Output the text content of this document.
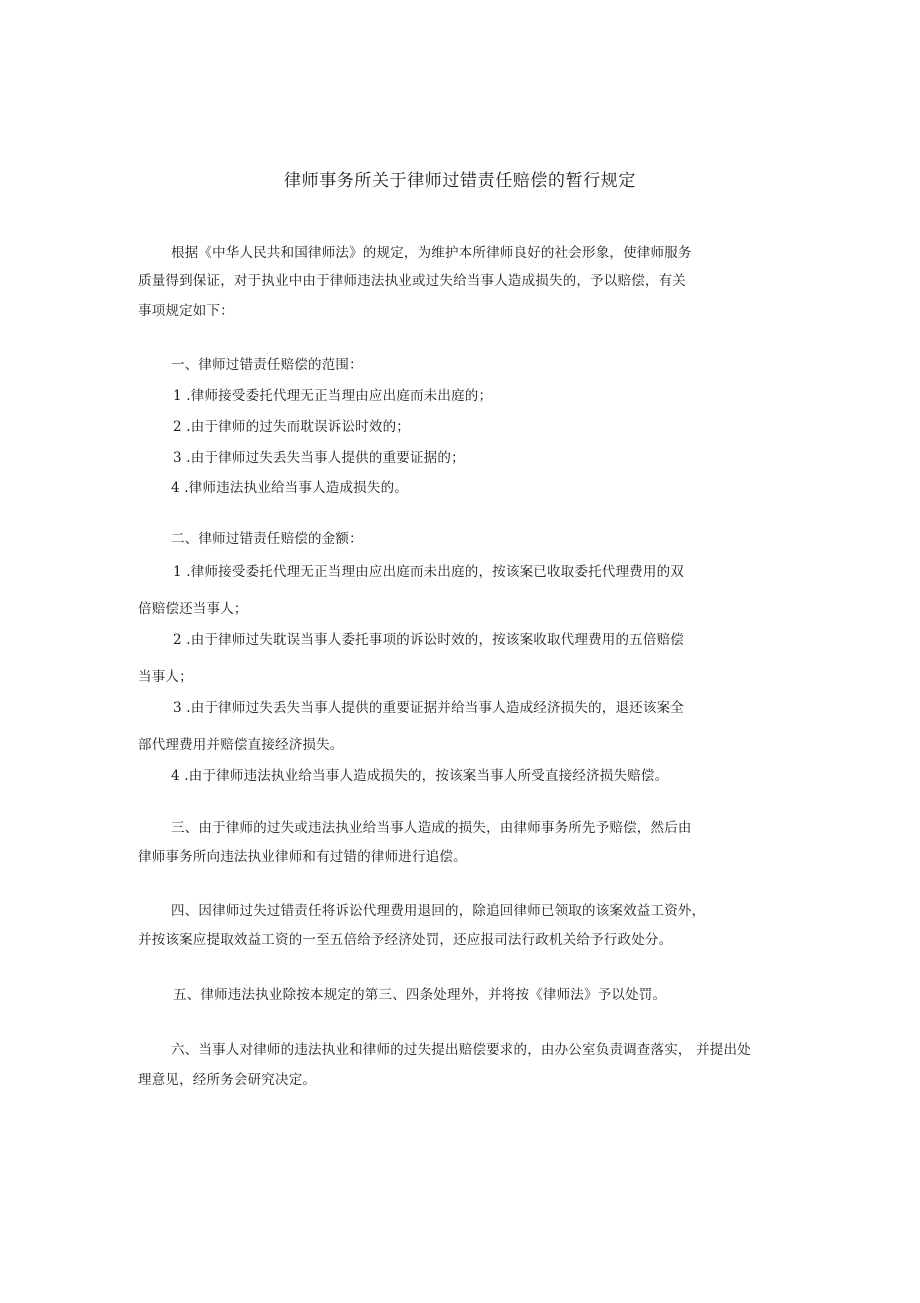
律师事务所关于律师过错责任赔偿的暂行规定
根据《中华人民共和国律师法》的规定，为维护本所律师良好的社会形象，使律师服务
质量得到保证，对于执业中由于律师违法执业或过失给当事人造成损失的，予以赔偿，有关
事项规定如下：
一、律师过错责任赔偿的范围：
1 .律师接受委托代理无正当理由应出庭而未出庭的；
2 .由于律师的过失而耽误诉讼时效的；
3 .由于律师过失丢失当事人提供的重要证据的；
4 .律师违法执业给当事人造成损失的。
二、律师过错责任赔偿的金额：
1 .律师接受委托代理无正当理由应出庭而未出庭的，按该案已收取委托代理费用的双
倍赔偿还当事人；
2 .由于律师过失耽误当事人委托事项的诉讼时效的，按该案收取代理费用的五倍赔偿
当事人；
3 .由于律师过失丢失当事人提供的重要证据并给当事人造成经济损失的，退还该案全
部代理费用并赔偿直接经济损失。
4 .由于律师违法执业给当事人造成损失的，按该案当事人所受直接经济损失赔偿。
三、由于律师的过失或违法执业给当事人造成的损失，由律师事务所先予赔偿，然后由
律师事务所向违法执业律师和有过错的律师进行追偿。
四、因律师过失过错责任将诉讼代理费用退回的，除追回律师已领取的该案效益工资外，
并按该案应提取效益工资的一至五倍给予经济处罚，还应报司法行政机关给予行政处分。
五、律师违法执业除按本规定的第三、四条处理外，并将按《律师法》予以处罚。
六、当事人对律师的违法执业和律师的过失提出赔偿要求的，由办公室负责调查落实， 并提出处
理意见，经所务会研究决定。
